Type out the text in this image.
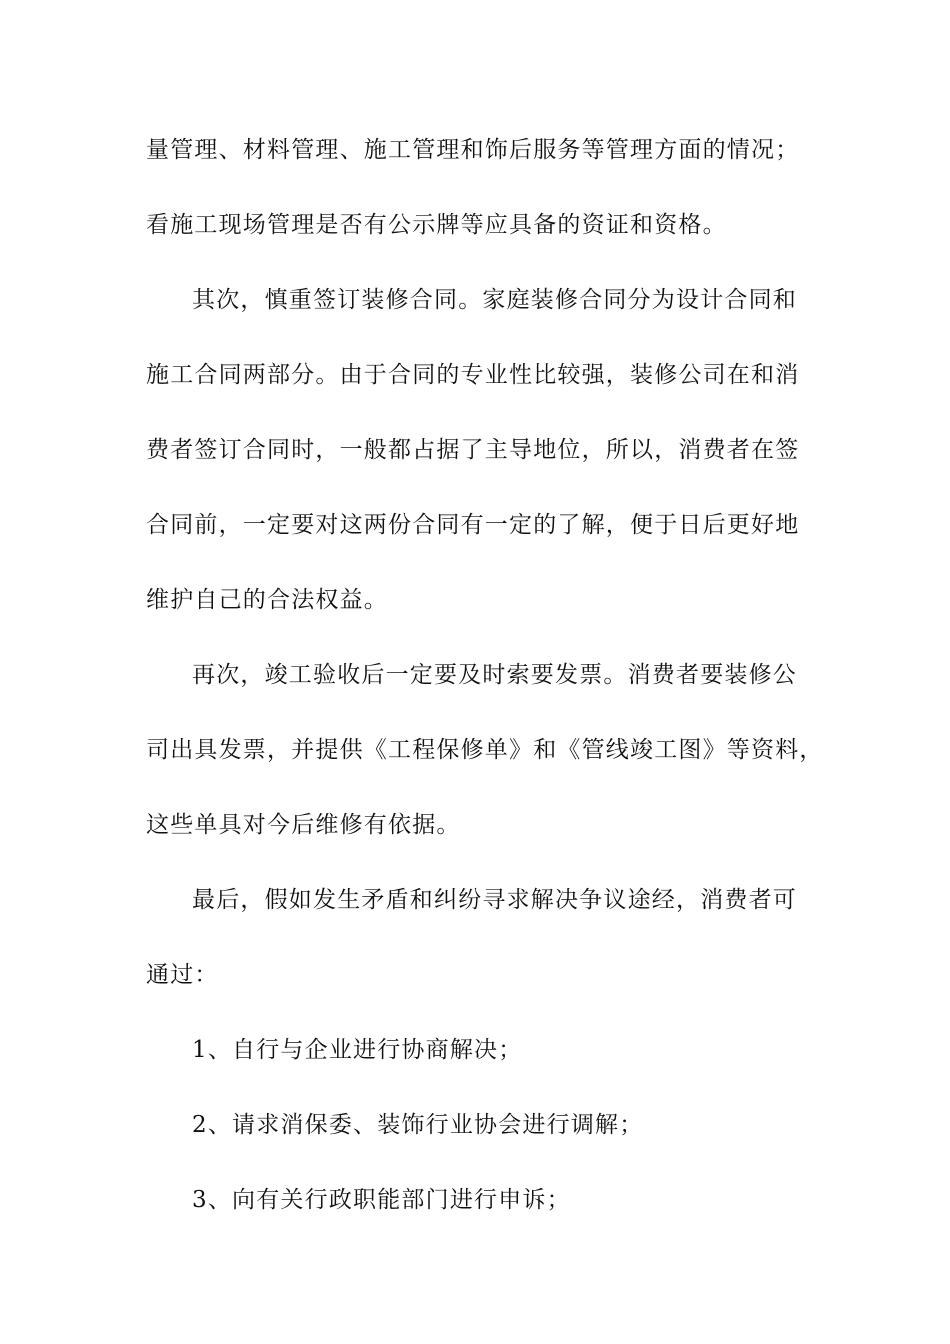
量管理、材料管理、施工管理和饰后服务等管理方面的情况；
看施工现场管理是否有公示牌等应具备的资证和资格。
其次，慎重签订装修合同。家庭装修合同分为设计合同和
施工合同两部分。由于合同的专业性比较强，装修公司在和消
费者签订合同时，一般都占据了主导地位，所以，消费者在签
合同前，一定要对这两份合同有一定的了解，便于日后更好地
维护自己的合法权益。
再次，竣工验收后一定要及时索要发票。消费者要装修公
司出具发票，并提供《工程保修单》和《管线竣工图》等资料，
这些单具对今后维修有依据。
最后，假如发生矛盾和纠纷寻求解决争议途经，消费者可
通过：
1、自行与企业进行协商解决；
2、请求消保委、装饰行业协会进行调解；
3、向有关行政职能部门进行申诉；
